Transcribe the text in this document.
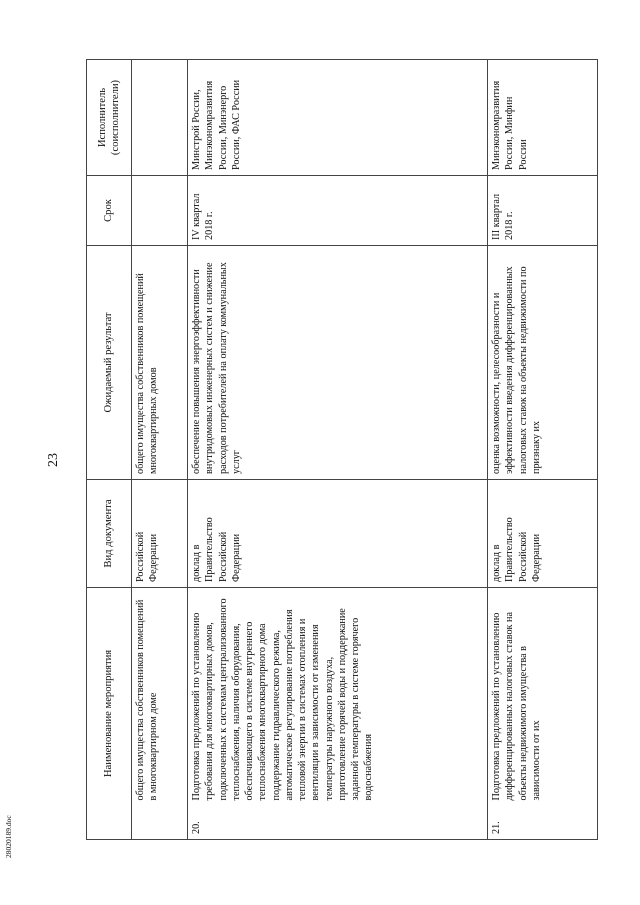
23
28020189.doc
Наименование мероприятия		Вид документа	Ожидаемый результат	Срок	Исполнитель (соисполнители)
	общего имущества собственников помещений в многоквартирном доме	Российской Федерации	общего имущества собственников помещений многоквартирных домов		
20.	Подготовка предложений по установлению требования для многоквартирных домов, подключенных к системам централизованного теплоснабжения, наличия оборудования, обеспечивающего в системе внутреннего теплоснабжения многоквартирного дома поддержание гидравлического режима, автоматическое регулирование потребления тепловой энергии в системах отопления и вентиляции в зависимости от изменения температуры наружного воздуха, приготовление горячей воды и поддержание заданной температуры в системе горячего водоснабжения	доклад в Правительство Российской Федерации	обеспечение повышения энергоэффективности внутридомовых инженерных систем и снижение расходов потребителей на оплату коммунальных услуг	IV квартал 2018 г.	Минстрой России, Минэкономразвития России, Минэнерго России, ФАС России
21.	Подготовка предложений по установлению дифференцированных налоговых ставок на объекты недвижимого имущества в зависимости от их	доклад в Правительство Российской Федерации	оценка возможности, целесообразности и эффективности введения дифференцированных налоговых ставок на объекты недвижимости по признаку их	III квартал 2018 г.	Минэкономразвития России, Минфин России
